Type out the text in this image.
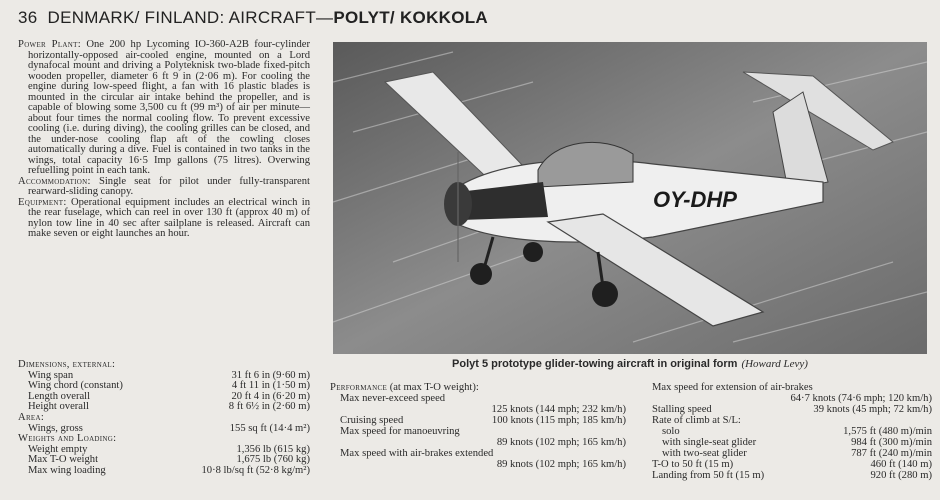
36 DENMARK/ FINLAND: AIRCRAFT—POLYT/ KOKKOLA

Power Plant: One 200 hp Lycoming IO-360-A2B four-cylinder horizontally-opposed air-cooled engine, mounted on a Lord dynafocal mount and driving a Polyteknisk two-blade fixed-pitch wooden propeller, diameter 6 ft 9 in (2·06 m). For cooling the engine during low-speed flight, a fan with 16 plastic blades is mounted in the circular air intake behind the propeller, and is capable of blowing some 3,500 cu ft (99 m³) of air per minute—about four times the normal cooling flow. To prevent excessive cooling (i.e. during diving), the cooling grilles can be closed, and the under-nose cooling flap aft of the cowling closes automatically during a dive. Fuel is contained in two tanks in the wings, total capacity 16·5 Imp gallons (75 litres). Overwing refuelling point in each tank.

Accommodation: Single seat for pilot under fully-transparent rearward-sliding canopy.

Equipment: Operational equipment includes an electrical winch in the rear fuselage, which can reel in over 130 ft (approx 40 m) of nylon tow line in 40 sec after sailplane is released. Aircraft can make seven or eight launches an hour.

Dimensions, external:
Wing span	31 ft 6 in (9·60 m)
Wing chord (constant)	4 ft 11 in (1·50 m)
Length overall	20 ft 4 in (6·20 m)
Height overall	8 ft 6½ in (2·60 m)
Area:
Wings, gross	155 sq ft (14·4 m²)
Weights and Loading:
Weight empty	1,356 lb (615 kg)
Max T-O weight	1,675 lb (760 kg)
Max wing loading	10·8 lb/sq ft (52·8 kg/m²)
OY-DHP
Polyt 5 prototype glider-towing aircraft in original form (Howard Levy)
Performance (at max T-O weight):
Max never-exceed speed
125 knots (144 mph; 232 km/h)
Cruising speed	100 knots (115 mph; 185 km/h)
Max speed for manoeuvring
89 knots (102 mph; 165 km/h)
Max speed with air-brakes extended
89 knots (102 mph; 165 km/h)
Max speed for extension of air-brakes
64·7 knots (74·6 mph; 120 km/h)
Stalling speed	39 knots (45 mph; 72 km/h)
Rate of climb at S/L:
solo	1,575 ft (480 m)/min
with single-seat glider	984 ft (300 m)/min
with two-seat glider	787 ft (240 m)/min
T-O to 50 ft (15 m)	460 ft (140 m)
Landing from 50 ft (15 m)	920 ft (280 m)
